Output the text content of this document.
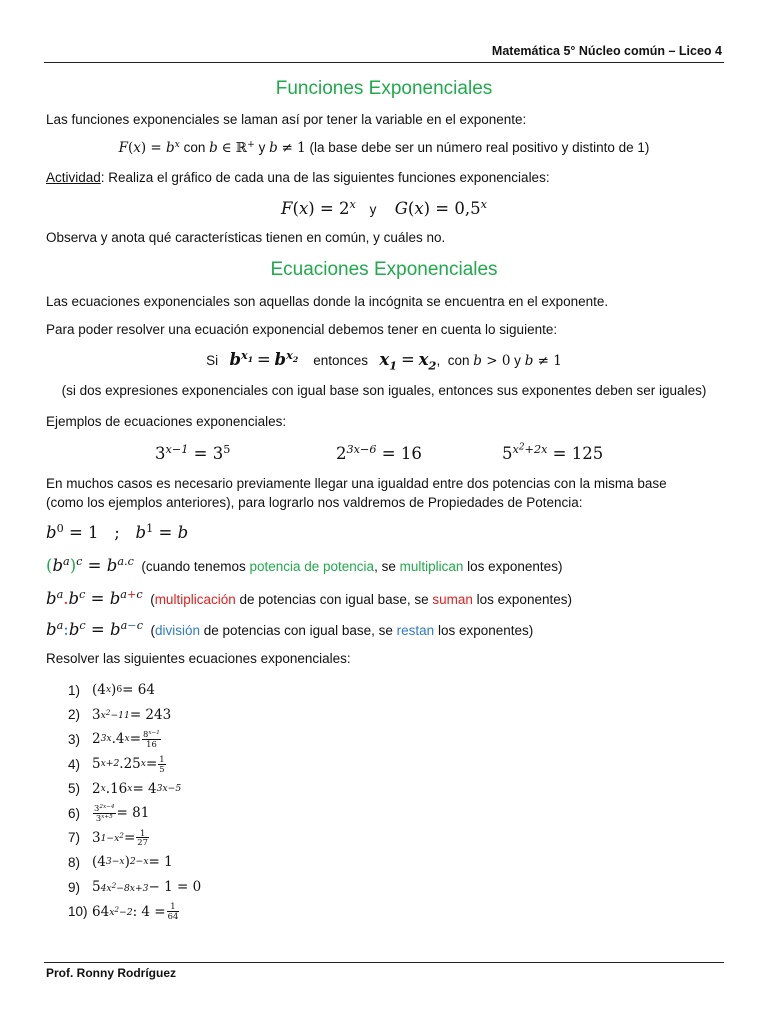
Matemática 5° Núcleo común – Liceo 4
Funciones Exponenciales
Las funciones exponenciales se laman así por tener la variable en el exponente:
$F(x) = b^x$ con b ∈ ℝ+ y b ≠ 1 (la base debe ser un número real positivo y distinto de 1)
Actividad: Realiza el gráfico de cada una de las siguientes funciones exponenciales:
$F(x) = 2^x$ y $G(x) = 0,5^x$
Observa y anota qué características tienen en común, y cuáles no.
Ecuaciones Exponenciales
Las ecuaciones exponenciales son aquellas donde la incógnita se encuentra en el exponente.
Para poder resolver una ecuación exponencial debemos tener en cuenta lo siguiente:
Si $b^{x_1} = b^{x_2}$ entonces $x_1 = x_2$,  con b > 0 y b ≠ 1
(si dos expresiones exponenciales con igual base son iguales, entonces sus exponentes deben ser iguales)
Ejemplos de ecuaciones exponenciales:
$3^{x-1} = 3^5$	$2^{3x-6} = 16$	$5^{x^2+2x} = 125$
En muchos casos es necesario previamente llegar una igualdad entre dos potencias con la misma base
(como los ejemplos anteriores), para lograrlo nos valdremos de Propiedades de Potencia:
$b^0 = 1$   ;   $b^1 = b$
$(b^a)^c = b^{a.c}$ (cuando tenemos potencia de potencia, se multiplican los exponentes)
$b^a.b^c = b^{a+c}$ (multiplicación de potencias con igual base, se suman los exponentes)
$b^a:b^c = b^{a-c}$ (división de potencias con igual base, se restan los exponentes)
Resolver las siguientes ecuaciones exponenciales:
1) (4 x ) 6 = 64
2) 3 $x^2-11 = 243$
3) 2 3x .4 $x = \frac{8^{x-1}}{16}$
4) 5 x+2 .25 $x = \frac{1}{5}$
5) 2 x .16 x = 4 3x−5
6)	$\frac{3^{2x-4}}{3^{x+5}} = 81$
7) 3 $1-x^2 = \frac{1}{27}$
8) (4 3−x ) 2−x = 1
9) 5 $4x^2-8x+3 - 1 = 0$
10) 64 $x^2-2$ : $4 = \frac{1}{64}$
Prof. Ronny Rodríguez
